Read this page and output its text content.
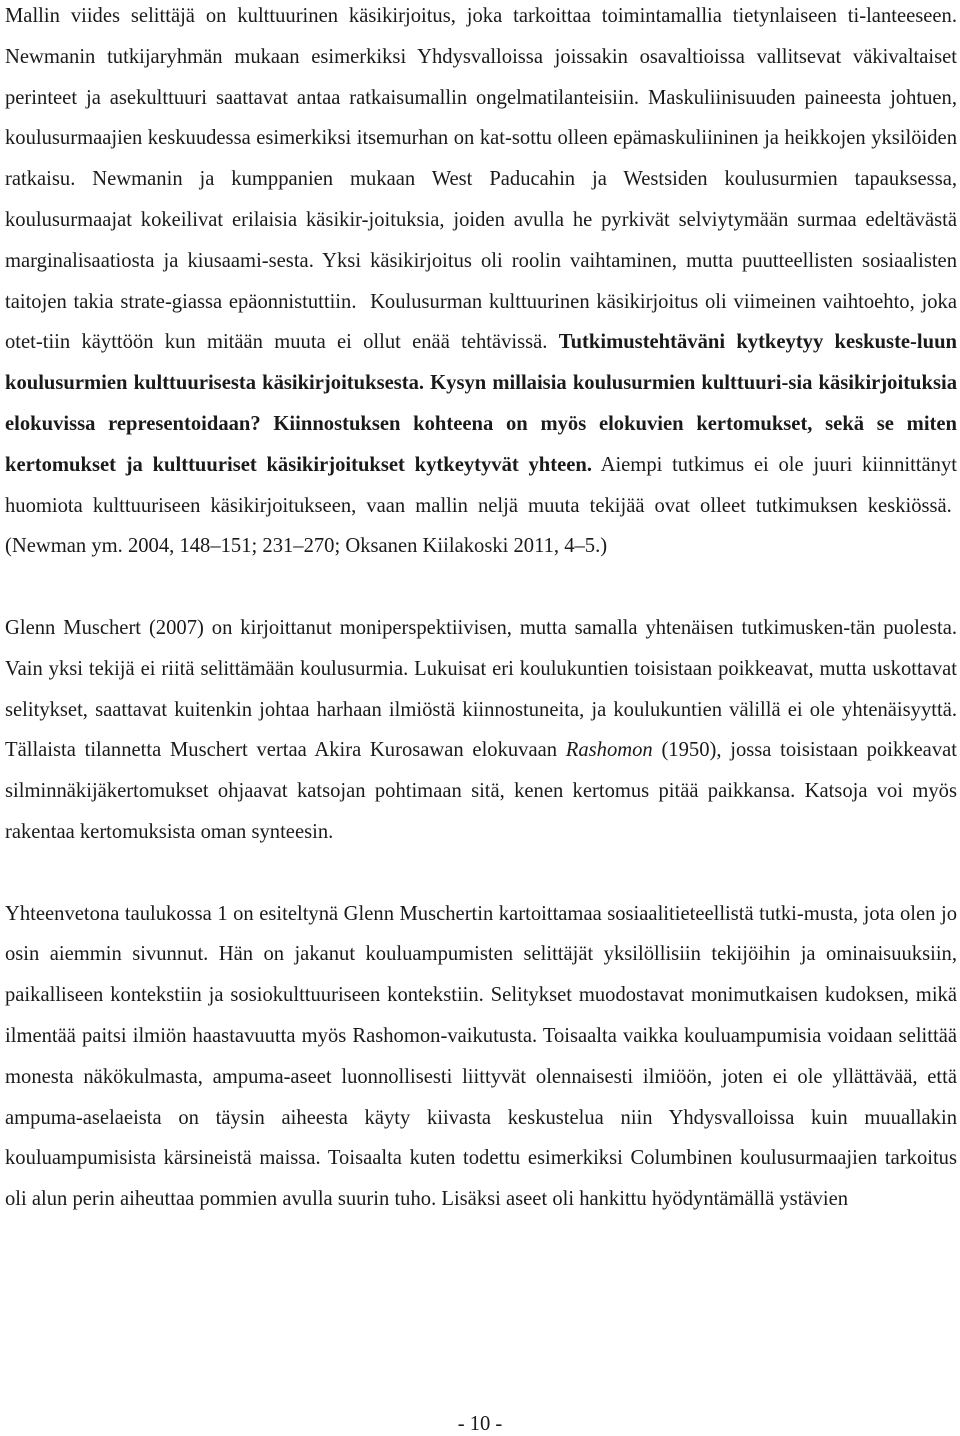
Mallin viides selittäjä on kulttuurinen käsikirjoitus, joka tarkoittaa toimintamallia tietynlaiseen ti-lanteeseen. Newmanin tutkijaryhmän mukaan esimerkiksi Yhdysvalloissa joissakin osavaltioissa vallitsevat väkivaltaiset perinteet ja asekulttuuri saattavat antaa ratkaisumallin ongelmatilanteisiin. Maskuliinisuuden paineesta johtuen, koulusurmaajien keskuudessa esimerkiksi itsemurhan on kat-sottu olleen epämaskuliininen ja heikkojen yksilöiden ratkaisu. Newmanin ja kumppanien mukaan West Paducahin ja Westsiden koulusurmien tapauksessa, koulusurmaajat kokeilivat erilaisia käsikir-joituksia, joiden avulla he pyrkivät selviytymään surmaa edeltävästä marginalisaatiosta ja kiusaami-sesta. Yksi käsikirjoitus oli roolin vaihtaminen, mutta puutteellisten sosiaalisten taitojen takia strate-giassa epäonnistuttiin. Koulusurman kulttuurinen käsikirjoitus oli viimeinen vaihtoehto, joka otet-tiin käyttöön kun mitään muuta ei ollut enää tehtävissä. Tutkimustehtäväni kytkeytyy keskuste-luun koulusurmien kulttuurisesta käsikirjoituksesta. Kysyn millaisia koulusurmien kulttuuri-sia käsikirjoituksia elokuvissa representoidaan? Kiinnostuksen kohteena on myös elokuvien kertomukset, sekä se miten kertomukset ja kulttuuriset käsikirjoitukset kytkeytyvät yhteen. Aiempi tutkimus ei ole juuri kiinnittänyt huomiota kulttuuriseen käsikirjoitukseen, vaan mallin neljä muuta tekijää ovat olleet tutkimuksen keskiössä.  (Newman ym. 2004, 148–151; 231–270; Oksanen Kiilakoski 2011, 4–5.)

Glenn Muschert (2007) on kirjoittanut moniperspektiivisen, mutta samalla yhtenäisen tutkimusken-tän puolesta. Vain yksi tekijä ei riitä selittämään koulusurmia. Lukuisat eri koulukuntien toisistaan poikkeavat, mutta uskottavat selitykset, saattavat kuitenkin johtaa harhaan ilmiöstä kiinnostuneita, ja koulukuntien välillä ei ole yhtenäisyyttä. Tällaista tilannetta Muschert vertaa Akira Kurosawan elokuvaan Rashomon (1950), jossa toisistaan poikkeavat silminnäkijäkertomukset ohjaavat katsojan pohtimaan sitä, kenen kertomus pitää paikkansa. Katsoja voi myös rakentaa kertomuksista oman synteesin.

Yhteenvetona taulukossa 1 on esiteltynä Glenn Muschertin kartoittamaa sosiaalitieteellistä tutki-musta, jota olen jo osin aiemmin sivunnut. Hän on jakanut kouluampumisten selittäjät yksilöllisiin tekijöihin ja ominaisuuksiin, paikalliseen kontekstiin ja sosiokulttuuriseen kontekstiin. Selitykset muodostavat monimutkaisen kudoksen, mikä ilmentää paitsi ilmiön haastavuutta myös Rashomon-vaikutusta. Toisaalta vaikka kouluampumisia voidaan selittää monesta näkökulmasta, ampuma-aseet luonnollisesti liittyvät olennaisesti ilmiöön, joten ei ole yllättävää, että ampuma-aselaeista on täysin aiheesta käyty kiivasta keskustelua niin Yhdysvalloissa kuin muuallakin kouluampumisista kärsineistä maissa. Toisaalta kuten todettu esimerkiksi Columbinen koulusurmaajien tarkoitus oli alun perin aiheuttaa pommien avulla suurin tuho. Lisäksi aseet oli hankittu hyödyntämällä ystävien

- 10 -
